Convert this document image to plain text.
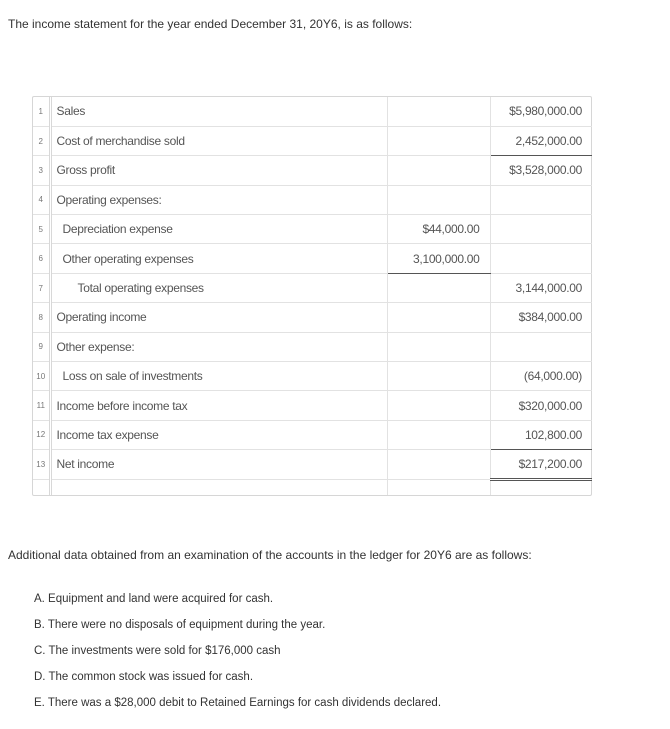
The income statement for the year ended December 31, 20Y6, is as follows:
1	Sales		$5,980,000.00
2	Cost of merchandise sold		2,452,000.00
3	Gross profit		$3,528,000.00
4	Operating expenses:		
5	Depreciation expense	$44,000.00	
6	Other operating expenses	3,100,000.00	
7	Total operating expenses		3,144,000.00
8	Operating income		$384,000.00
9	Other expense:		
10	Loss on sale of investments		(64,000.00)
11	Income before income tax		$320,000.00
12	Income tax expense		102,800.00
13	Net income		$217,200.00

Additional data obtained from an examination of the accounts in the ledger for 20Y6 are as follows:
A. Equipment and land were acquired for cash.
B. There were no disposals of equipment during the year.
C. The investments were sold for $176,000 cash
D. The common stock was issued for cash.
E. There was a $28,000 debit to Retained Earnings for cash dividends declared.
